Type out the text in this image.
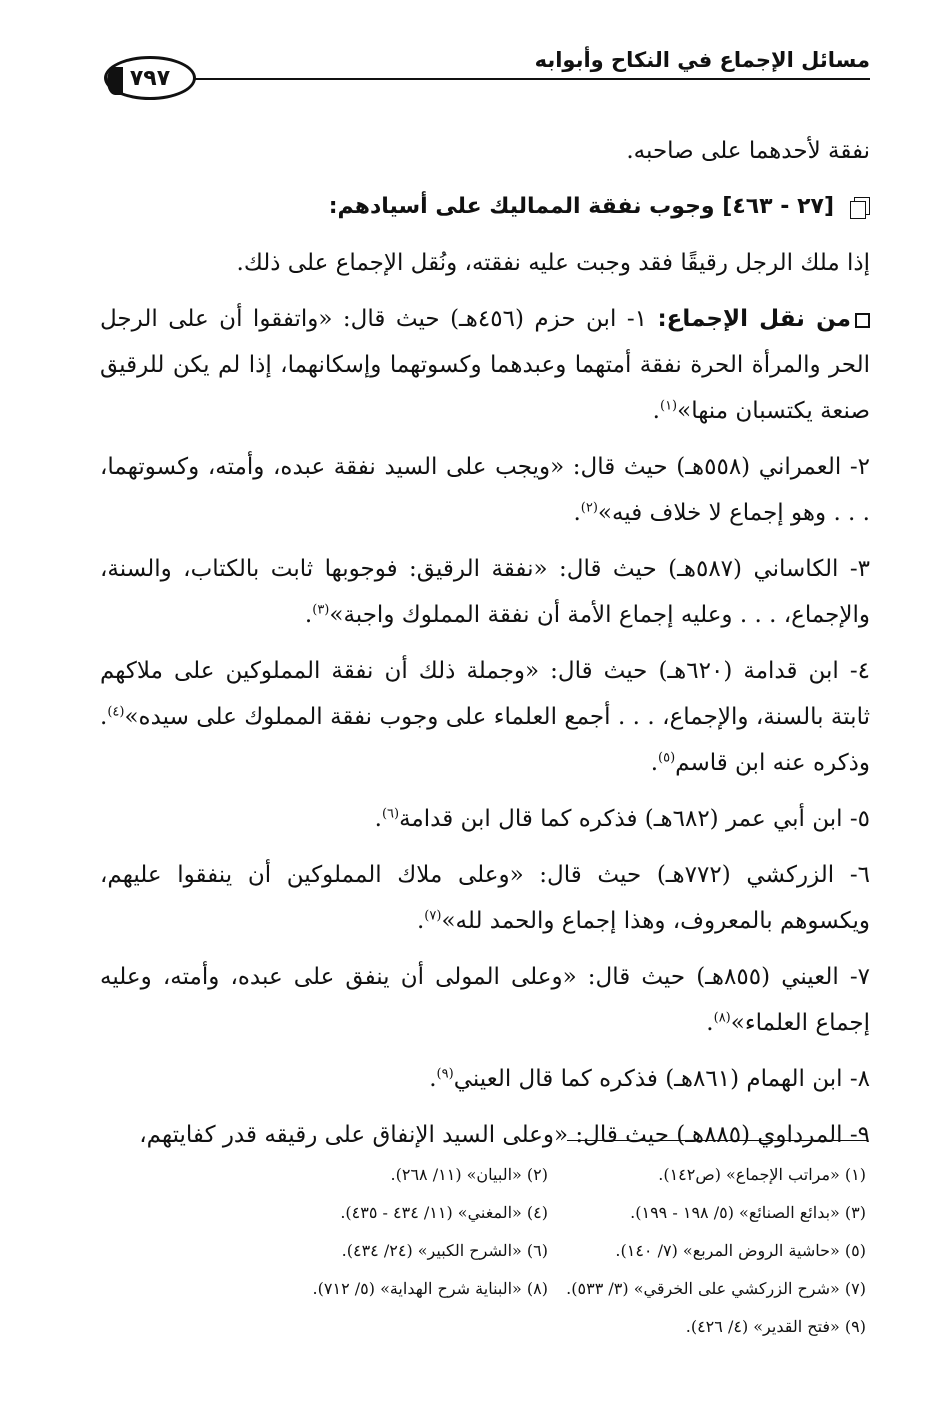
مسائل الإجماع في النكاح وأبوابه
٧٩٧

نفقة لأحدهما على صاحبه.

[٢٧ - ٤٦٣] وجوب نفقة المماليك على أسيادهم:

إذا ملك الرجل رقيقًا فقد وجبت عليه نفقته، ونُقل الإجماع على ذلك.

من نقل الإجماع: ١- ابن حزم (٤٥٦هـ) حيث قال: «واتفقوا أن على الرجل الحر والمرأة الحرة نفقة أمتهما وعبدهما وكسوتهما وإسكانهما، إذا لم يكن للرقيق صنعة يكتسبان منها»$^{(١)}$.

٢- العمراني (٥٥٨هـ) حيث قال: «ويجب على السيد نفقة عبده، وأمته، وكسوتهما، . . . وهو إجماع لا خلاف فيه»$^{(٢)}$.

٣- الكاساني (٥٨٧هـ) حيث قال: «نفقة الرقيق: فوجوبها ثابت بالكتاب، والسنة، والإجماع، . . . وعليه إجماع الأمة أن نفقة المملوك واجبة»$^{(٣)}$.

٤- ابن قدامة (٦٢٠هـ) حيث قال: «وجملة ذلك أن نفقة المملوكين على ملاكهم ثابتة بالسنة، والإجماع، . . . أجمع العلماء على وجوب نفقة المملوك على سيده»$^{(٤)}$. وذكره عنه ابن قاسم$^{(٥)}$.

٥- ابن أبي عمر (٦٨٢هـ) فذكره كما قال ابن قدامة$^{(٦)}$.

٦- الزركشي (٧٧٢هـ) حيث قال: «وعلى ملاك المملوكين أن ينفقوا عليهم، ويكسوهم بالمعروف، وهذا إجماع والحمد لله»$^{(٧)}$.

٧- العيني (٨٥٥هـ) حيث قال: «وعلى المولى أن ينفق على عبده، وأمته، وعليه إجماع العلماء»$^{(٨)}$.

٨- ابن الهمام (٨٦١هـ) فذكره كما قال العيني$^{(٩)}$.

٩- المرداوي (٨٨٥هـ) حيث قال: «وعلى السيد الإنفاق على رقيقه قدر كفايتهم،

(١) «مراتب الإجماع» (ص١٤٢).
(٢) «البيان» (١١/ ٢٦٨).
(٣) «بدائع الصنائع» (٥/ ١٩٨ - ١٩٩).
(٤) «المغني» (١١/ ٤٣٤ - ٤٣٥).
(٥) «حاشية الروض المربع» (٧/ ١٤٠).
(٦) «الشرح الكبير» (٢٤/ ٤٣٤).
(٧) «شرح الزركشي على الخرقي» (٣/ ٥٣٣).
(٨) «البناية شرح الهداية» (٥/ ٧١٢).
(٩) «فتح القدير» (٤/ ٤٢٦).
